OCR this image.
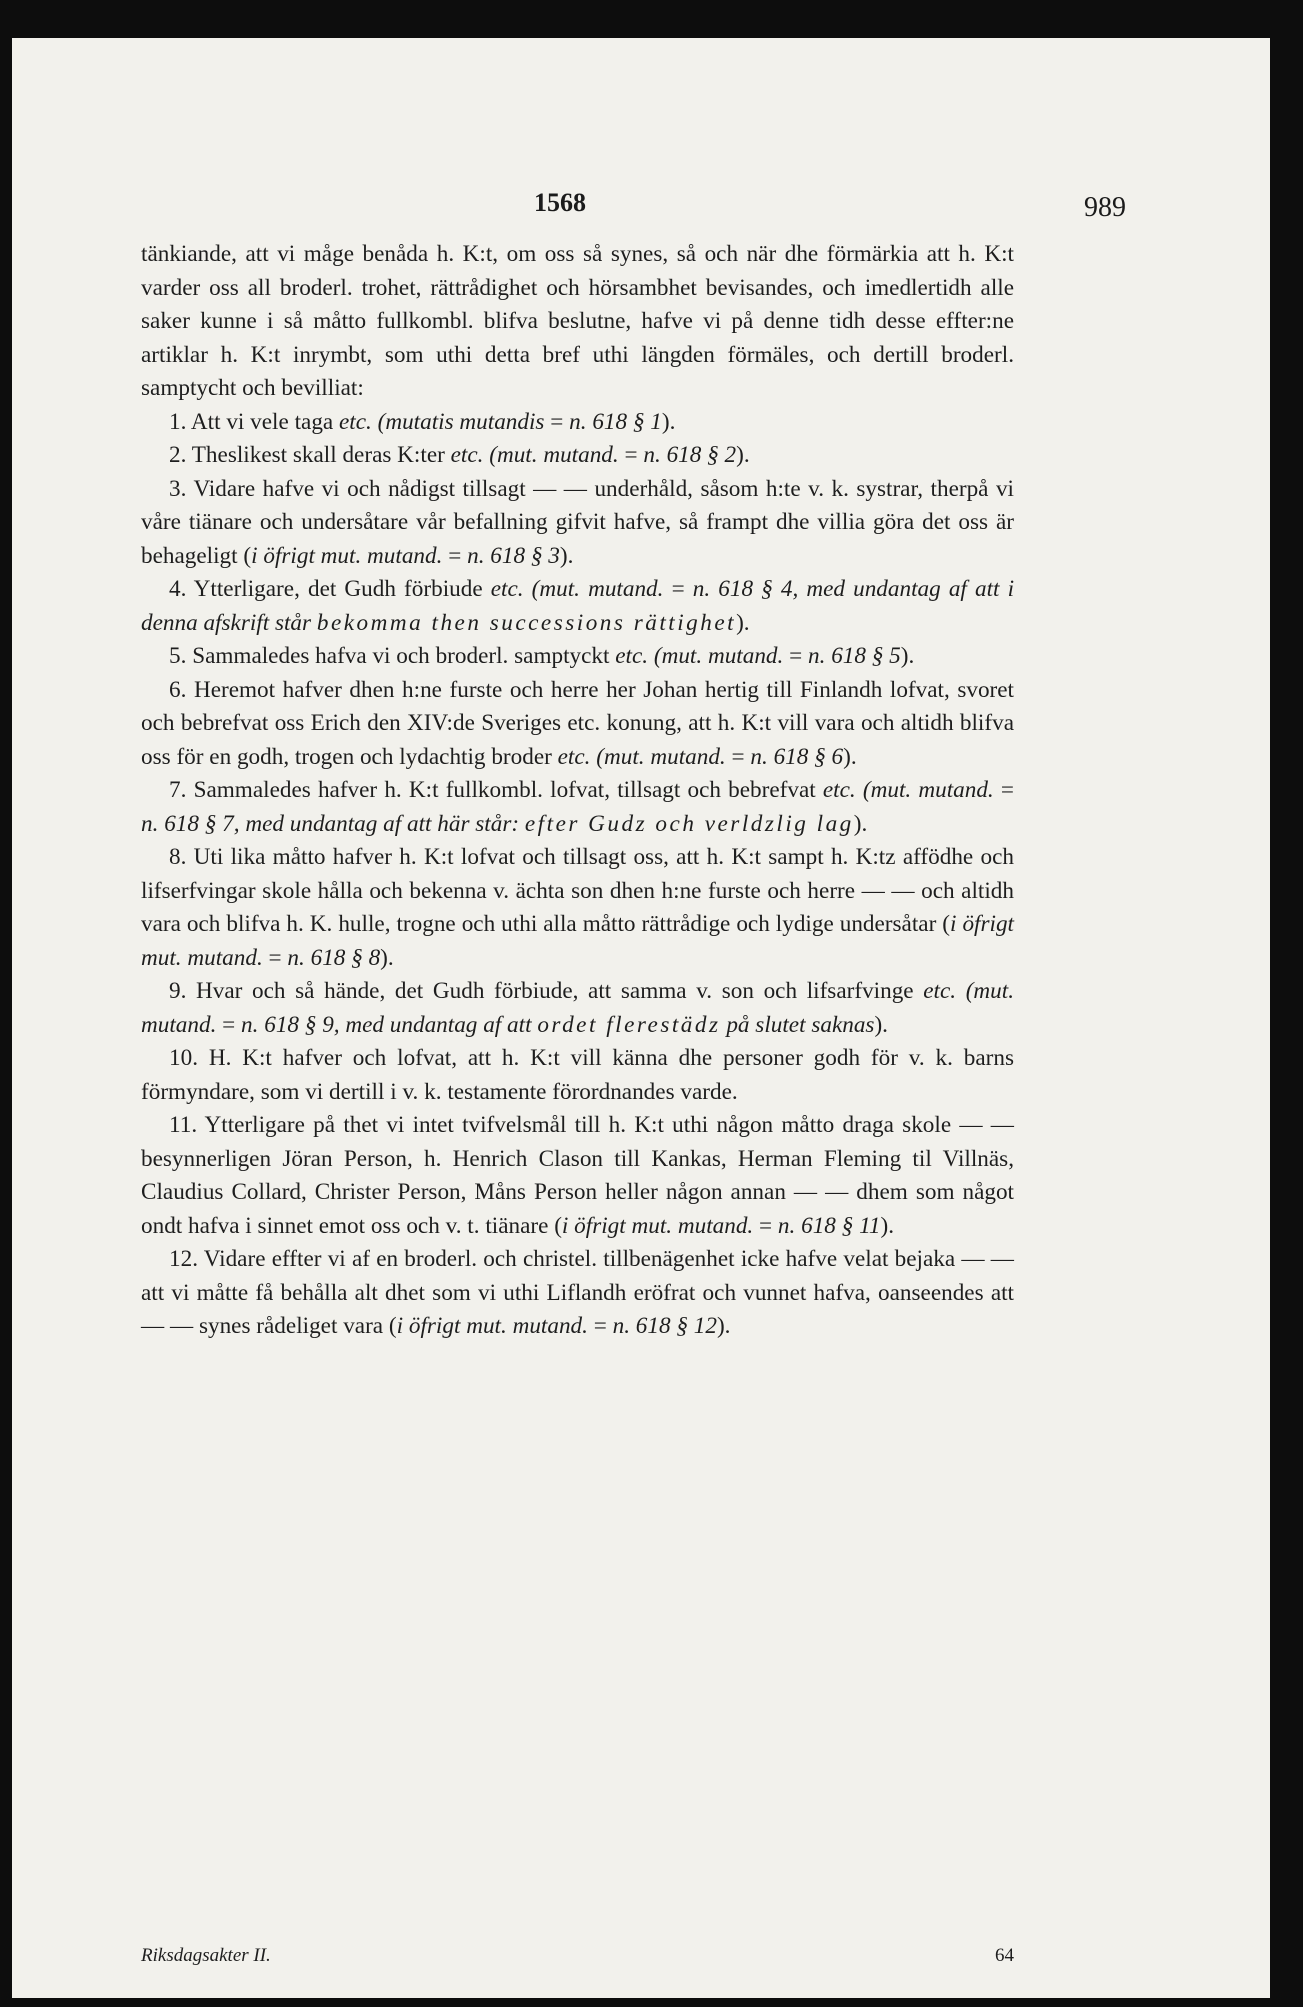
1568	989

tänkiande, att vi måge benåda h. K:t, om oss så synes, så och när dhe förmärkia att h. K:t varder oss all broderl. trohet, rättrådighet och hörsambhet bevisandes, och imedlertidh alle saker kunne i så måtto fullkombl. blifva beslutne, hafve vi på denne tidh desse effter:ne artiklar h. K:t inrymbt, som uthi detta bref uthi längden förmäles, och dertill broderl. samptycht och bevilliat:

1. Att vi vele taga etc. (mutatis mutandis = n. 618 § 1).

2. Theslikest skall deras K:ter etc. (mut. mutand. = n. 618 § 2).

3. Vidare hafve vi och nådigst tillsagt — — underhåld, såsom h:te v. k. systrar, therpå vi våre tiänare och undersåtare vår befallning gifvit hafve, så frampt dhe villia göra det oss är behageligt (i öfrigt mut. mutand. = n. 618 § 3).

4. Ytterligare, det Gudh förbiude etc. (mut. mutand. = n. 618 § 4, med undantag af att i denna afskrift står bekomma then successions rättighet).

5. Sammaledes hafva vi och broderl. samptyckt etc. (mut. mutand. = n. 618 § 5).

6. Heremot hafver dhen h:ne furste och herre her Johan hertig till Finlandh lofvat, svoret och bebrefvat oss Erich den XIV:de Sveriges etc. konung, att h. K:t vill vara och altidh blifva oss för en godh, trogen och lydachtig broder etc. (mut. mutand. = n. 618 § 6).

7. Sammaledes hafver h. K:t fullkombl. lofvat, tillsagt och bebrefvat etc. (mut. mutand. = n. 618 § 7, med undantag af att här står: efter Gudz och verldzlig lag).

8. Uti lika måtto hafver h. K:t lofvat och tillsagt oss, att h. K:t sampt h. K:tz affödhe och lifserfvingar skole hålla och bekenna v. ächta son dhen h:ne furste och herre — — och altidh vara och blifva h. K. hulle, trogne och uthi alla måtto rättrådige och lydige undersåtar (i öfrigt mut. mutand. = n. 618 § 8).

9. Hvar och så hände, det Gudh förbiude, att samma v. son och lifsarfvinge etc. (mut. mutand. = n. 618 § 9, med undantag af att ordet flerestädz på slutet saknas).

10. H. K:t hafver och lofvat, att h. K:t vill känna dhe personer godh för v. k. barns förmyndare, som vi dertill i v. k. testamente förordnandes varde.

11. Ytterligare på thet vi intet tvifvelsmål till h. K:t uthi någon måtto draga skole — — besynnerligen Jöran Person, h. Henrich Clason till Kankas, Herman Fleming til Villnäs, Claudius Collard, Christer Person, Måns Person heller någon annan — — dhem som något ondt hafva i sinnet emot oss och v. t. tiänare (i öfrigt mut. mutand. = n. 618 § 11).

12. Vidare effter vi af en broderl. och christel. tillbenägenhet icke hafve velat bejaka — — att vi måtte få behålla alt dhet som vi uthi Liflandh eröfrat och vunnet hafva, oanseendes att — — synes rådeliget vara (i öfrigt mut. mutand. = n. 618 § 12).

Riksdagsakter II.	64
